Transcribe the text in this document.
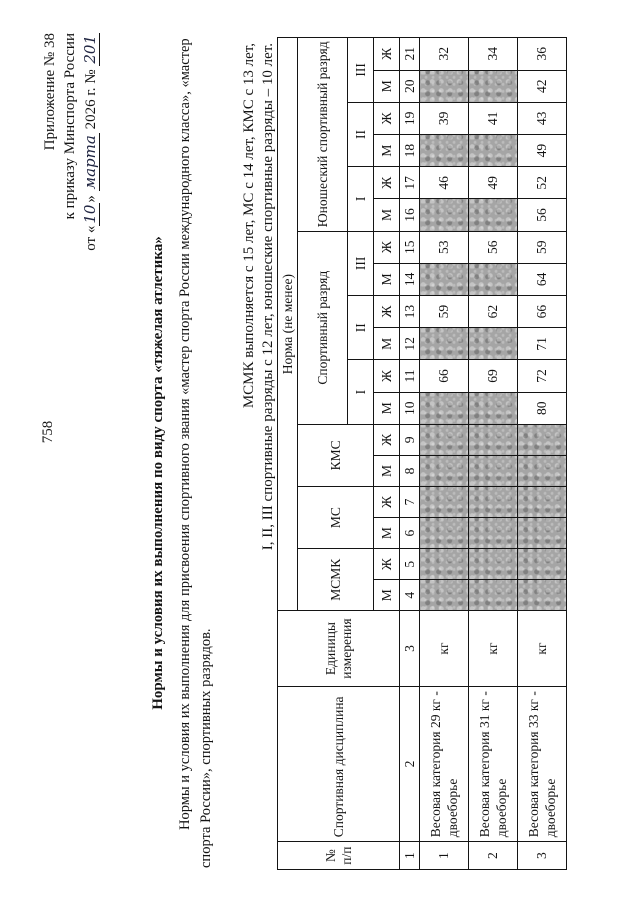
758
Приложение № 38 к приказу Минспорта России
от «10» марта 2026 г. № 201
Нормы и условия их выполнения по виду спорта «тяжелая атлетика» Нормы и условия их выполнения для присвоения спортивного звания «мастер спорта России международного класса», «мастер спорта России», спортивных разрядов.
МСМК выполняется с 15 лет, МС с 14 лет, КМС с 13 лет, I, II, III спортивные разряды с 12 лет, юношеские спортивные разряды – 10 лет.
№ п/п	Спортивная дисциплина	Единицы измерения	Норма (не менее)																	
			МСМК		МС		КМС		Спортивный разряд						Юношеский спортивный разряд					
									I		II		III		I		II		III	
			М	Ж	М	Ж	М	Ж	М	Ж	М	Ж	М	Ж	М	Ж	М	Ж	М	Ж
1	2	3	4	5	6	7	8	9	10	11	12	13	14	15	16	17	18	19	20	21
1	Весовая категория 29 кг - двоеборье	кг								66		59		53		46		39		32
2	Весовая категория 31 кг - двоеборье	кг								69		62		56		49		41		34
3	Весовая категория 33 кг - двоеборье	кг							80	72	71	66	64	59	56	52	49	43	42	36
